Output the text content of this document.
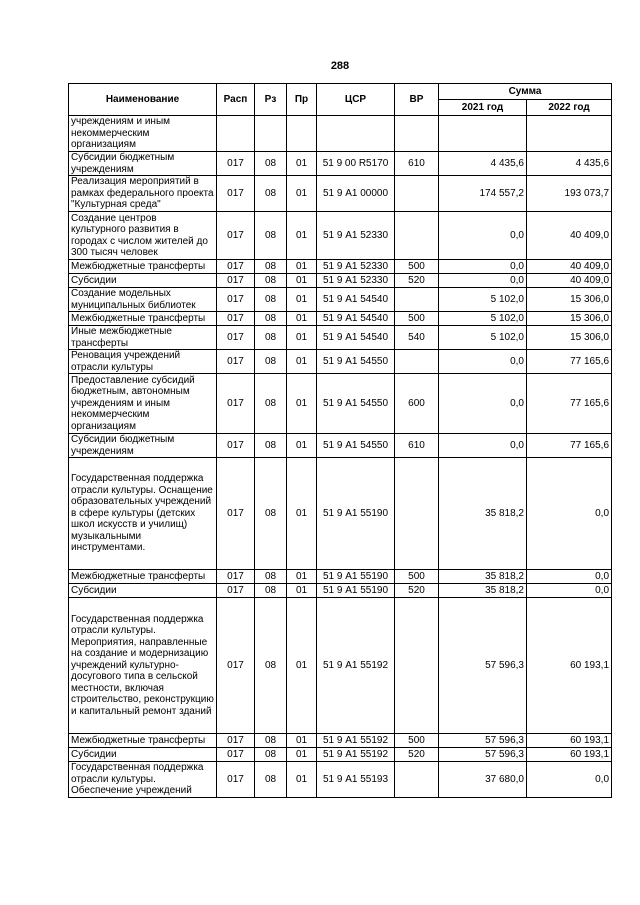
288
Наименование	Расп	Рз	Пр	ЦСР	ВР	Сумма	
						2021 год	2022 год
учреждениям и иным некоммерческим организациям							
Субсидии бюджетным учреждениям	017	08	01	51 9 00 R5170	610	4 435,6	4 435,6
Реализация мероприятий в рамках федерального проекта "Культурная среда"	017	08	01	51 9 А1 00000		174 557,2	193 073,7
Создание центров культурного развития в городах с числом жителей до 300 тысяч человек	017	08	01	51 9 А1 52330		0,0	40 409,0
Межбюджетные трансферты	017	08	01	51 9 А1 52330	500	0,0	40 409,0
Субсидии	017	08	01	51 9 А1 52330	520	0,0	40 409,0
Создание модельных муниципальных библиотек	017	08	01	51 9 А1 54540		5 102,0	15 306,0
Межбюджетные трансферты	017	08	01	51 9 А1 54540	500	5 102,0	15 306,0
Иные межбюджетные трансферты	017	08	01	51 9 А1 54540	540	5 102,0	15 306,0
Реновация учреждений отрасли культуры	017	08	01	51 9 А1 54550		0,0	77 165,6
Предоставление субсидий бюджетным, автономным учреждениям и иным некоммерческим организациям	017	08	01	51 9 А1 54550	600	0,0	77 165,6
Субсидии бюджетным учреждениям	017	08	01	51 9 А1 54550	610	0,0	77 165,6
Государственная поддержка отрасли культуры. Оснащение образовательных учреждений в сфере культуры (детских школ искусств и училищ) музыкальными инструментами.	017	08	01	51 9 А1 55190		35 818,2	0,0
Межбюджетные трансферты	017	08	01	51 9 А1 55190	500	35 818,2	0,0
Субсидии	017	08	01	51 9 А1 55190	520	35 818,2	0,0
Государственная поддержка отрасли культуры. Мероприятия, направленные на создание и модернизацию учреждений культурно-досугового типа в сельской местности, включая строительство, реконструкцию и капитальный ремонт зданий	017	08	01	51 9 А1 55192		57 596,3	60 193,1
Межбюджетные трансферты	017	08	01	51 9 А1 55192	500	57 596,3	60 193,1
Субсидии	017	08	01	51 9 А1 55192	520	57 596,3	60 193,1
Государственная поддержка отрасли культуры. Обеспечение учреждений	017	08	01	51 9 А1 55193		37 680,0	0,0
